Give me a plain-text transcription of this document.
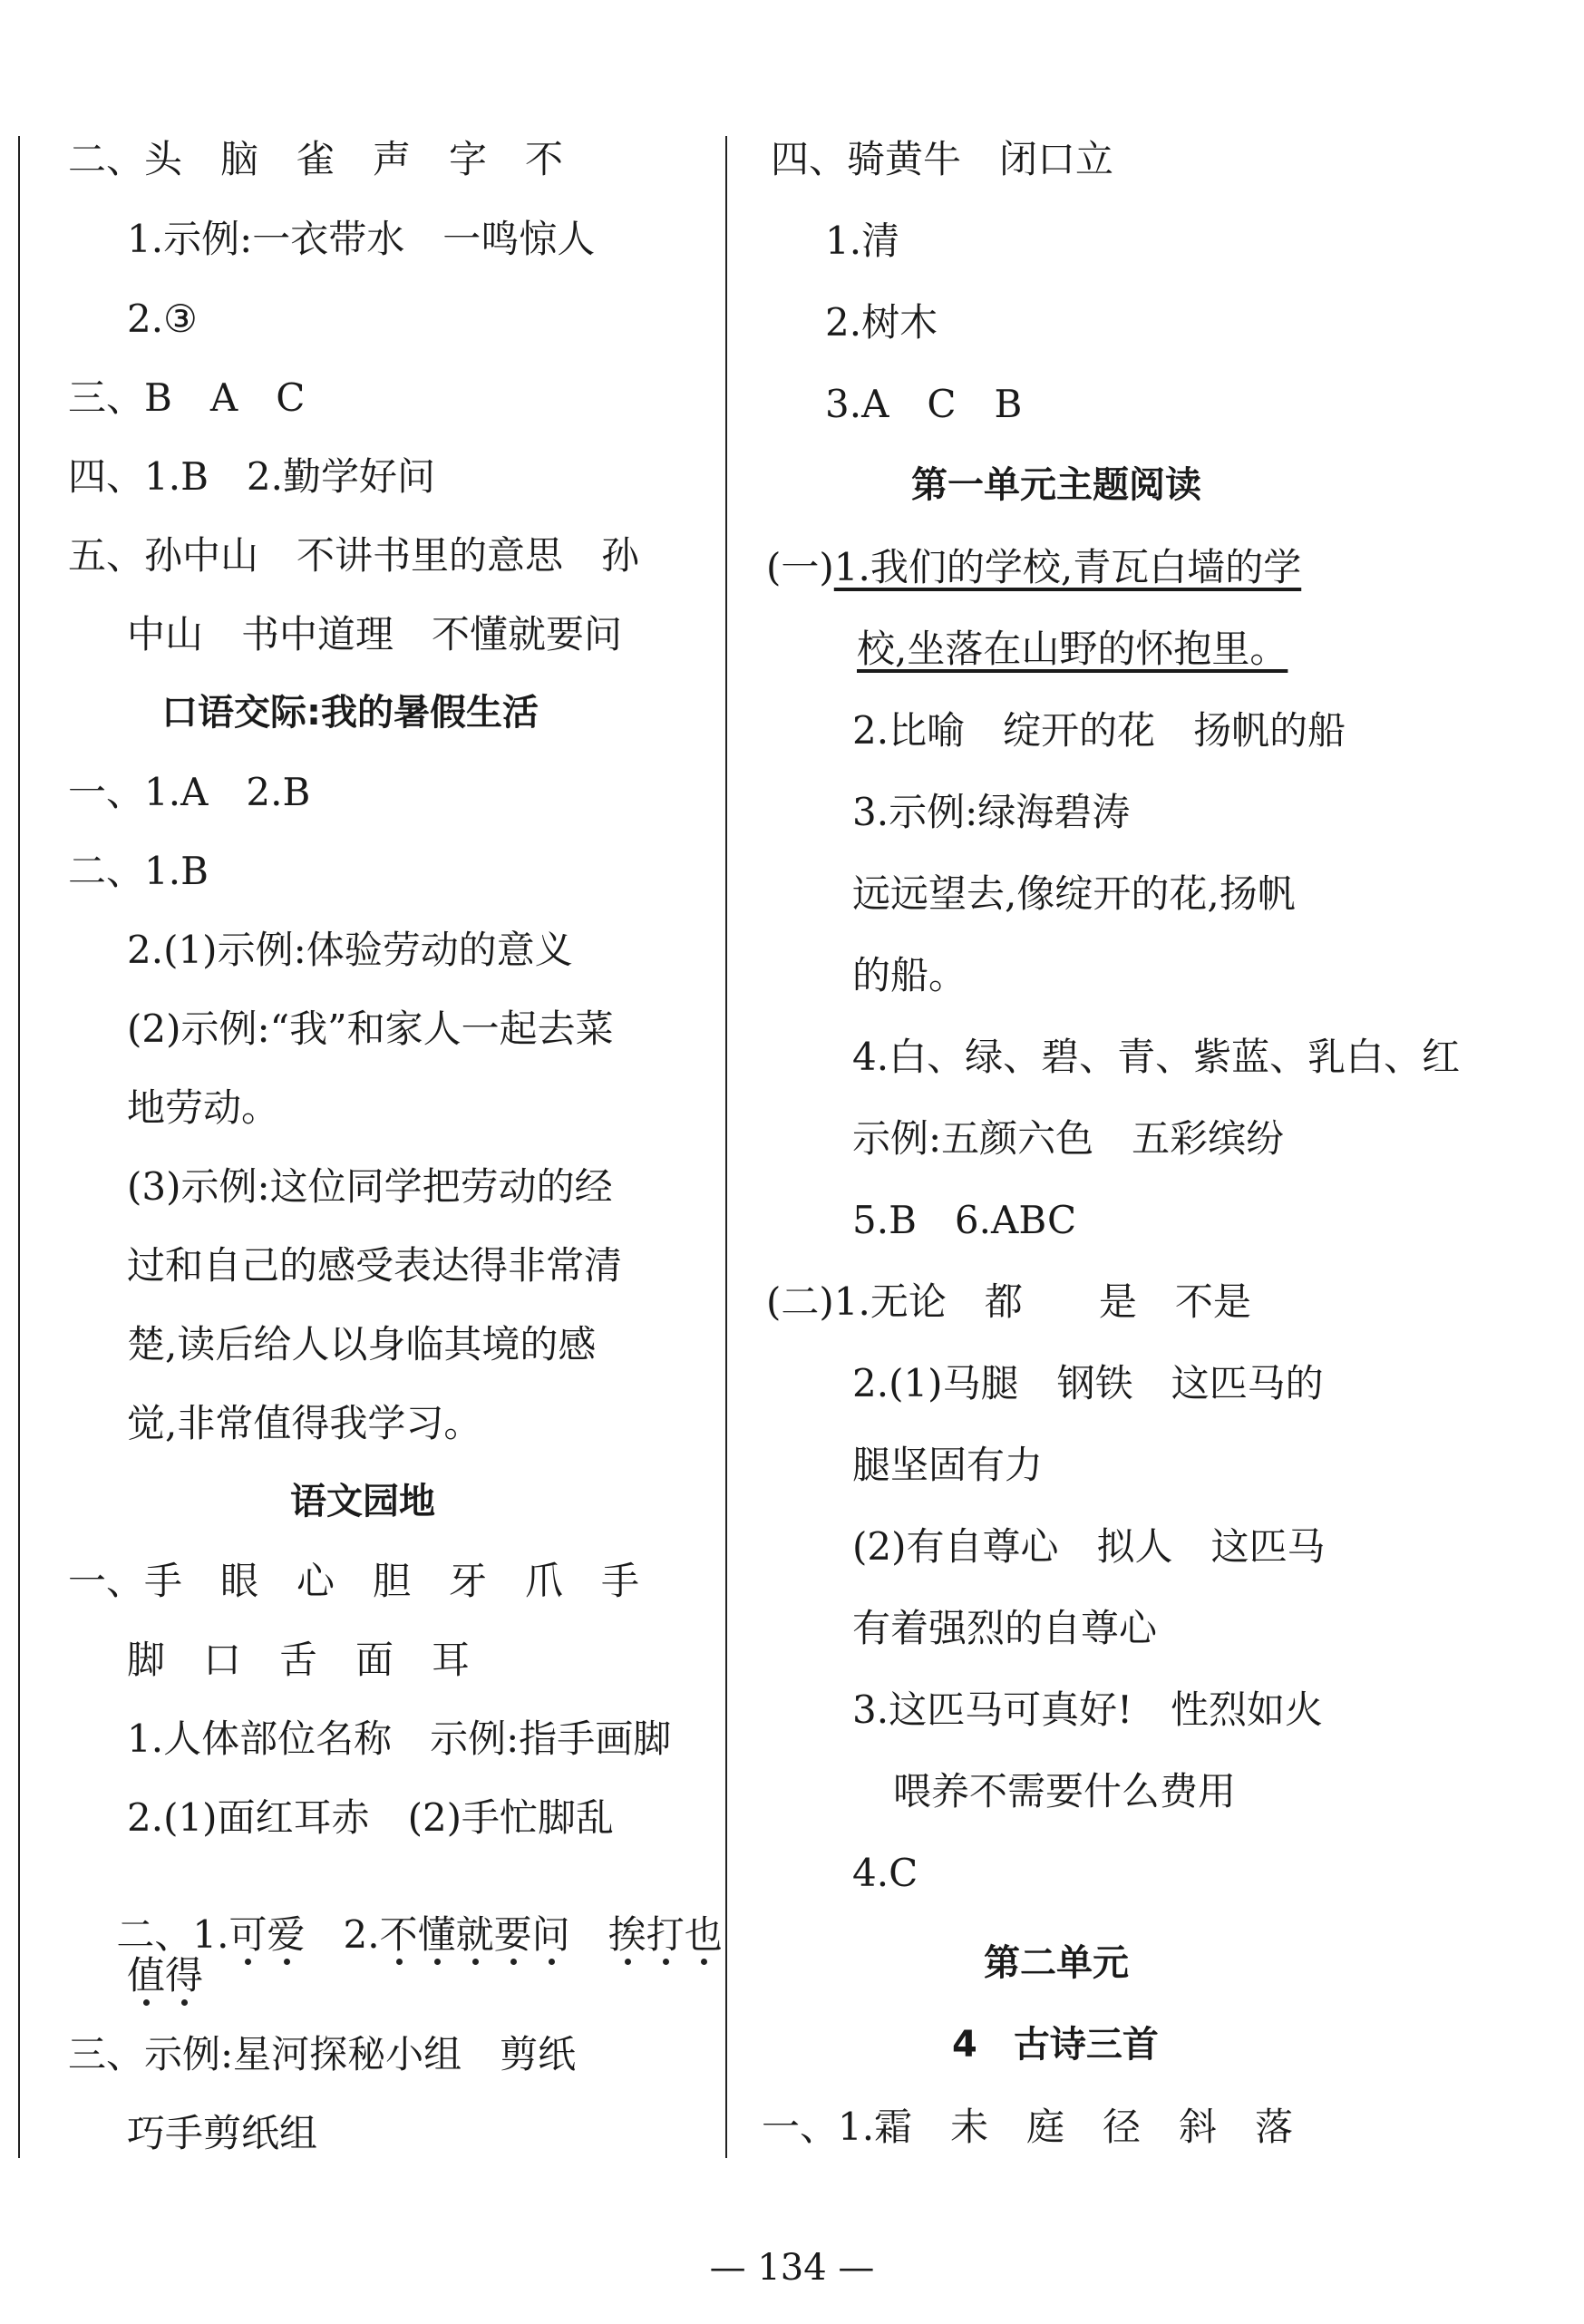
二、头　脑　雀　声　字　不
1.示例:一衣带水　一鸣惊人
2.③
三、B　A　C
四、1.B　2.勤学好问
五、孙中山　不讲书里的意思　孙
中山　书中道理　不懂就要问
口语交际:我的暑假生活
一、1.A　2.B
二、1.B
2.(1)示例:体验劳动的意义
(2)示例:“我”和家人一起去菜
地劳动。
(3)示例:这位同学把劳动的经
过和自己的感受表达得非常清
楚,读后给人以身临其境的感
觉,非常值得我学习。
语文园地
一、手　眼　心　胆　牙　爪　手
脚　口　舌　面　耳
1.人体部位名称　示例:指手画脚
2.(1)面红耳赤　(2)手忙脚乱

二、1.可爱　2.不懂就要问　 挨打也

值得
三、示例:星河探秘小组　剪纸
巧手剪纸组
四、骑黄牛　闭口立
1.清
2.树木
3.A　C　B
第一单元主题阅读
(一)1.我们的学校,青瓦白墙的学
校,坐落在山野的怀抱里。
2.比喻　绽开的花　扬帆的船
3.示例:绿海碧涛
远远望去,像绽开的花,扬帆
的船。
4.白、绿、碧、青、紫蓝、乳白、红
示例:五颜六色　五彩缤纷
5.B　6.ABC
(二)1.无论　都　　是　不是
2.(1)马腿　钢铁　这匹马的
腿坚固有力
(2)有自尊心　拟人　这匹马
有着强烈的自尊心
3.这匹马可真好!　性烈如火
喂养不需要什么费用
4.C
第二单元
4　古诗三首
一、1.霜　未　庭　径　斜　落
— 134 —
